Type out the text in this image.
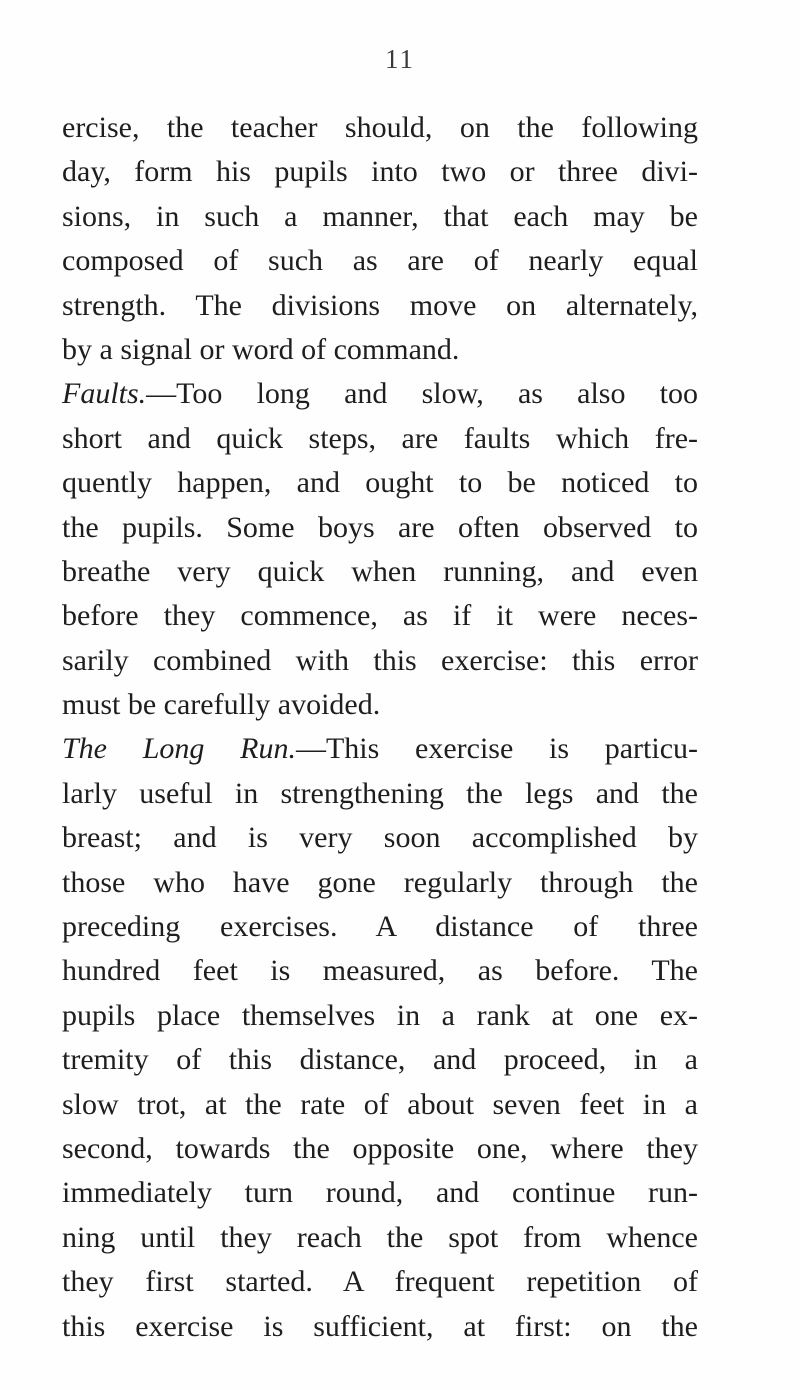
11
ercise, the teacher should, on the following
day, form his pupils into two or three divi-
sions, in such a manner, that each may be
composed of such as are of nearly equal
strength. The divisions move on alternately,
by a signal or word of command.
Faults.—Too long and slow, as also too
short and quick steps, are faults which fre-
quently happen, and ought to be noticed to
the pupils. Some boys are often observed to
breathe very quick when running, and even
before they commence, as if it were neces-
sarily combined with this exercise: this error
must be carefully avoided.
The Long Run.—This exercise is particu-
larly useful in strengthening the legs and the
breast; and is very soon accomplished by
those who have gone regularly through the
preceding exercises. A distance of three
hundred feet is measured, as before. The
pupils place themselves in a rank at one ex-
tremity of this distance, and proceed, in a
slow trot, at the rate of about seven feet in a
second, towards the opposite one, where they
immediately turn round, and continue run-
ning until they reach the spot from whence
they first started. A frequent repetition of
this exercise is sufficient, at first: on the
